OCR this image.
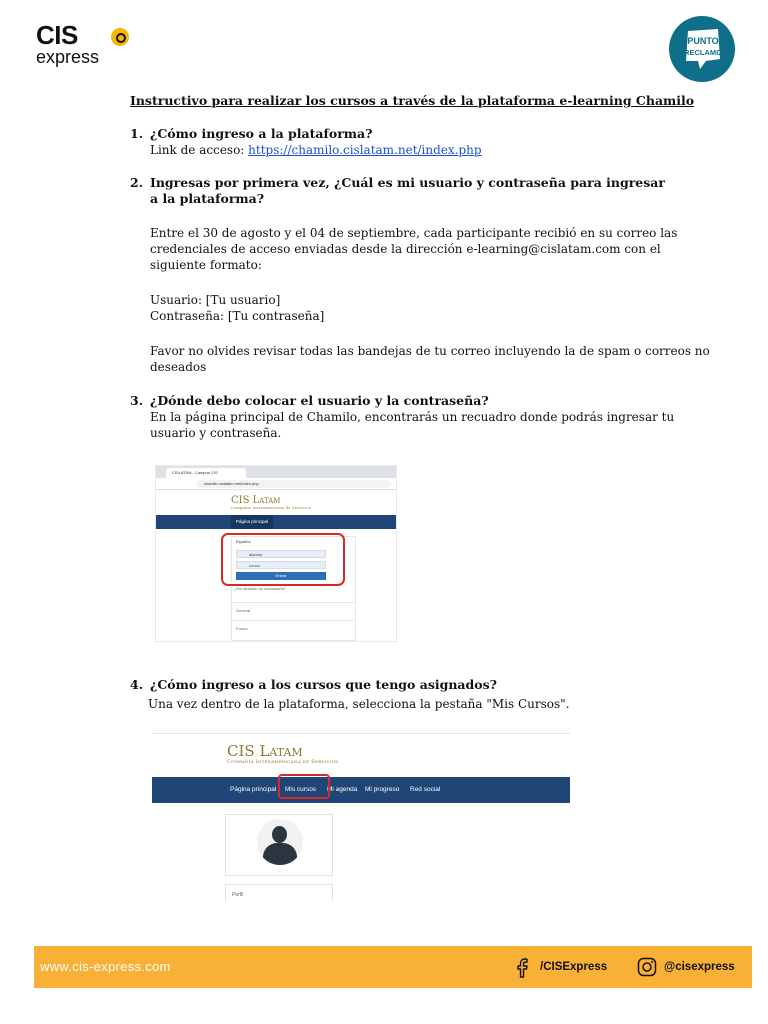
CIS
express
PUNTO
RECLAMO
Instructivo para realizar los cursos a través de la plataforma e-learning Chamilo
1. ¿Cómo ingreso a la plataforma?
Link de acceso: https://chamilo.cislatam.net/index.php
2. Ingresas por primera vez, ¿Cuál es mi usuario y contraseña para ingresar a la plataforma?
Entre el 30 de agosto y el 04 de septiembre, cada participante recibió en su correo las credenciales de acceso enviadas desde la dirección e-learning@cislatam.com con el siguiente formato:
Usuario: [Tu usuario]
Contraseña: [Tu contraseña]
Favor no olvides revisar todas las bandejas de tu correo incluyendo la de spam o correos no deseados
3. ¿Dónde debo colocar el usuario y la contraseña?
En la página principal de Chamilo, encontrarás un recuadro donde podrás ingresar tu usuario y contraseña.
CISLATAM - Campus CIS
chamilo.cislatam.net/index.php
CIS Latam
Compañía Interamericana de Servicios
Página principal
Español
alumno
••••••••
Entrar
¿Ha olvidado su contraseña?
General
Forum
4. ¿Cómo ingreso a los cursos que tengo asignados?
Una vez dentro de la plataforma, selecciona la pestaña "Mis Cursos".
CIS Latam
Compañía Interamericana de Servicios
Página principal Mis cursos Mi agenda Mi progreso Red social
Perfil
www.cis-express.com	/CISExpress	@cisexpress
